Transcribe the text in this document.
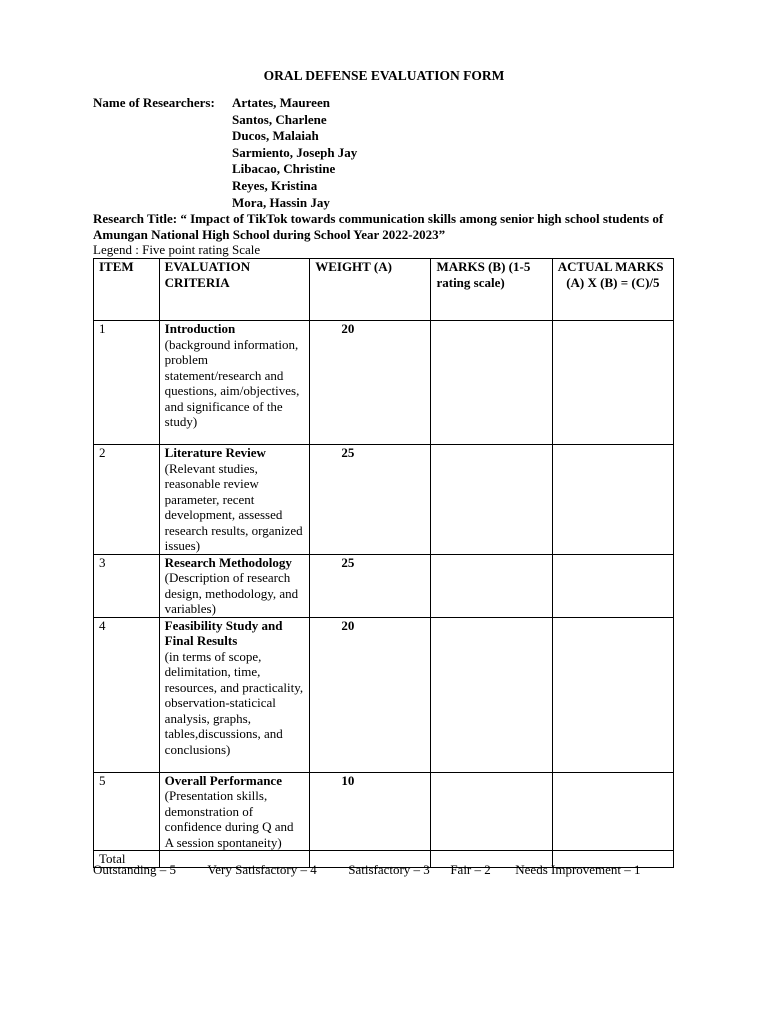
ORAL DEFENSE EVALUATION FORM
Name of Researchers: Artates, Maureen
Santos, Charlene
Ducos, Malaiah
Sarmiento, Joseph Jay
Libacao, Christine
Reyes, Kristina
Mora, Hassin Jay
Research Title: “ Impact of TikTok towards communication skills among senior high school students of Amungan National High School during School Year 2022-2023”
Legend : Five point rating Scale
ITEM	EVALUATION CRITERIA	WEIGHT (A)	MARKS (B) (1-5 rating scale)	ACTUAL MARKS
(A) X (B) = (C)/5

1	Introduction
(background information, problem statement/research and questions, aim/objectives, and significance of the study)	20		

2	Literature Review
(Relevant studies, reasonable review parameter, recent development, assessed research results, organized issues)	25		

3	Research Methodology
(Description of research design, methodology, and variables)	25		

4	Feasibility Study and Final Results
(in terms of scope, delimitation, time, resources, and practicality, observation-staticical analysis, graphs, tables,discussions, and conclusions)	20		

5	Overall Performance
(Presentation skills, demonstration of confidence during Q and A session spontaneity)	10		

Total				
Outstanding – 5 Very Satisfactory – 4 Satisfactory – 3 Fair – 2 Needs Improvement – 1
